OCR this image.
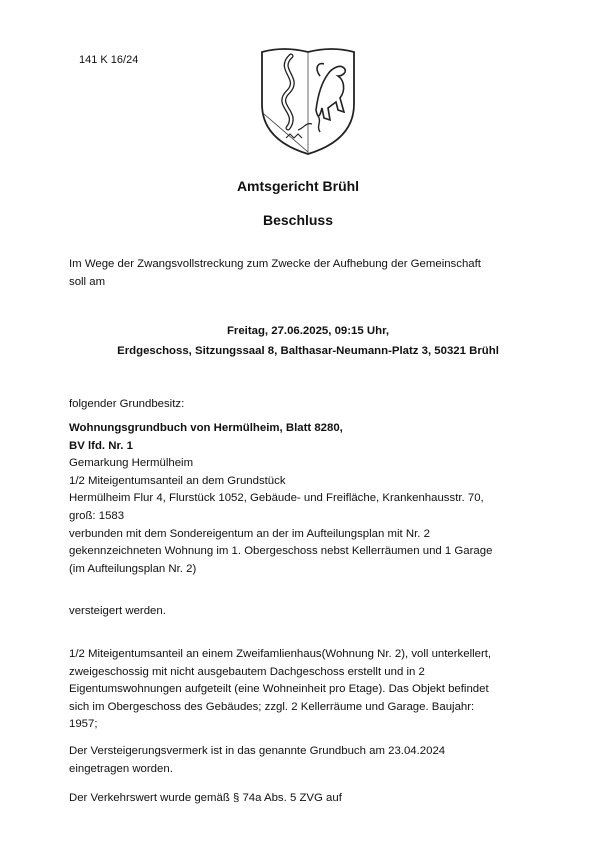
141 K 16/24
Amtsgericht Brühl
Beschluss
Im Wege der Zwangsvollstreckung zum Zwecke der Aufhebung der Gemeinschaft
soll am
Freitag, 27.06.2025, 09:15 Uhr,
Erdgeschoss, Sitzungssaal 8, Balthasar-Neumann-Platz 3, 50321 Brühl
folgender Grundbesitz:
Wohnungsgrundbuch von Hermülheim, Blatt 8280,
BV lfd. Nr. 1
Gemarkung Hermülheim
1/2 Miteigentumsanteil an dem Grundstück
Hermülheim Flur 4, Flurstück 1052, Gebäude- und Freifläche, Krankenhausstr. 70,
groß: 1583
verbunden mit dem Sondereigentum an der im Aufteilungsplan mit Nr. 2
gekennzeichneten Wohnung im 1. Obergeschoss nebst Kellerräumen und 1 Garage
(im Aufteilungsplan Nr. 2)
versteigert werden.
1/2 Miteigentumsanteil an einem Zweifamlienhaus(Wohnung Nr. 2), voll unterkellert,
zweigeschossig mit nicht ausgebautem Dachgeschoss erstellt und in 2
Eigentumswohnungen aufgeteilt (eine Wohneinheit pro Etage). Das Objekt befindet
sich im Obergeschoss des Gebäudes; zzgl. 2 Kellerräume und Garage. Baujahr:
1957;
Der Versteigerungsvermerk ist in das genannte Grundbuch am 23.04.2024
eingetragen worden.
Der Verkehrswert wurde gemäß § 74a Abs. 5 ZVG auf
